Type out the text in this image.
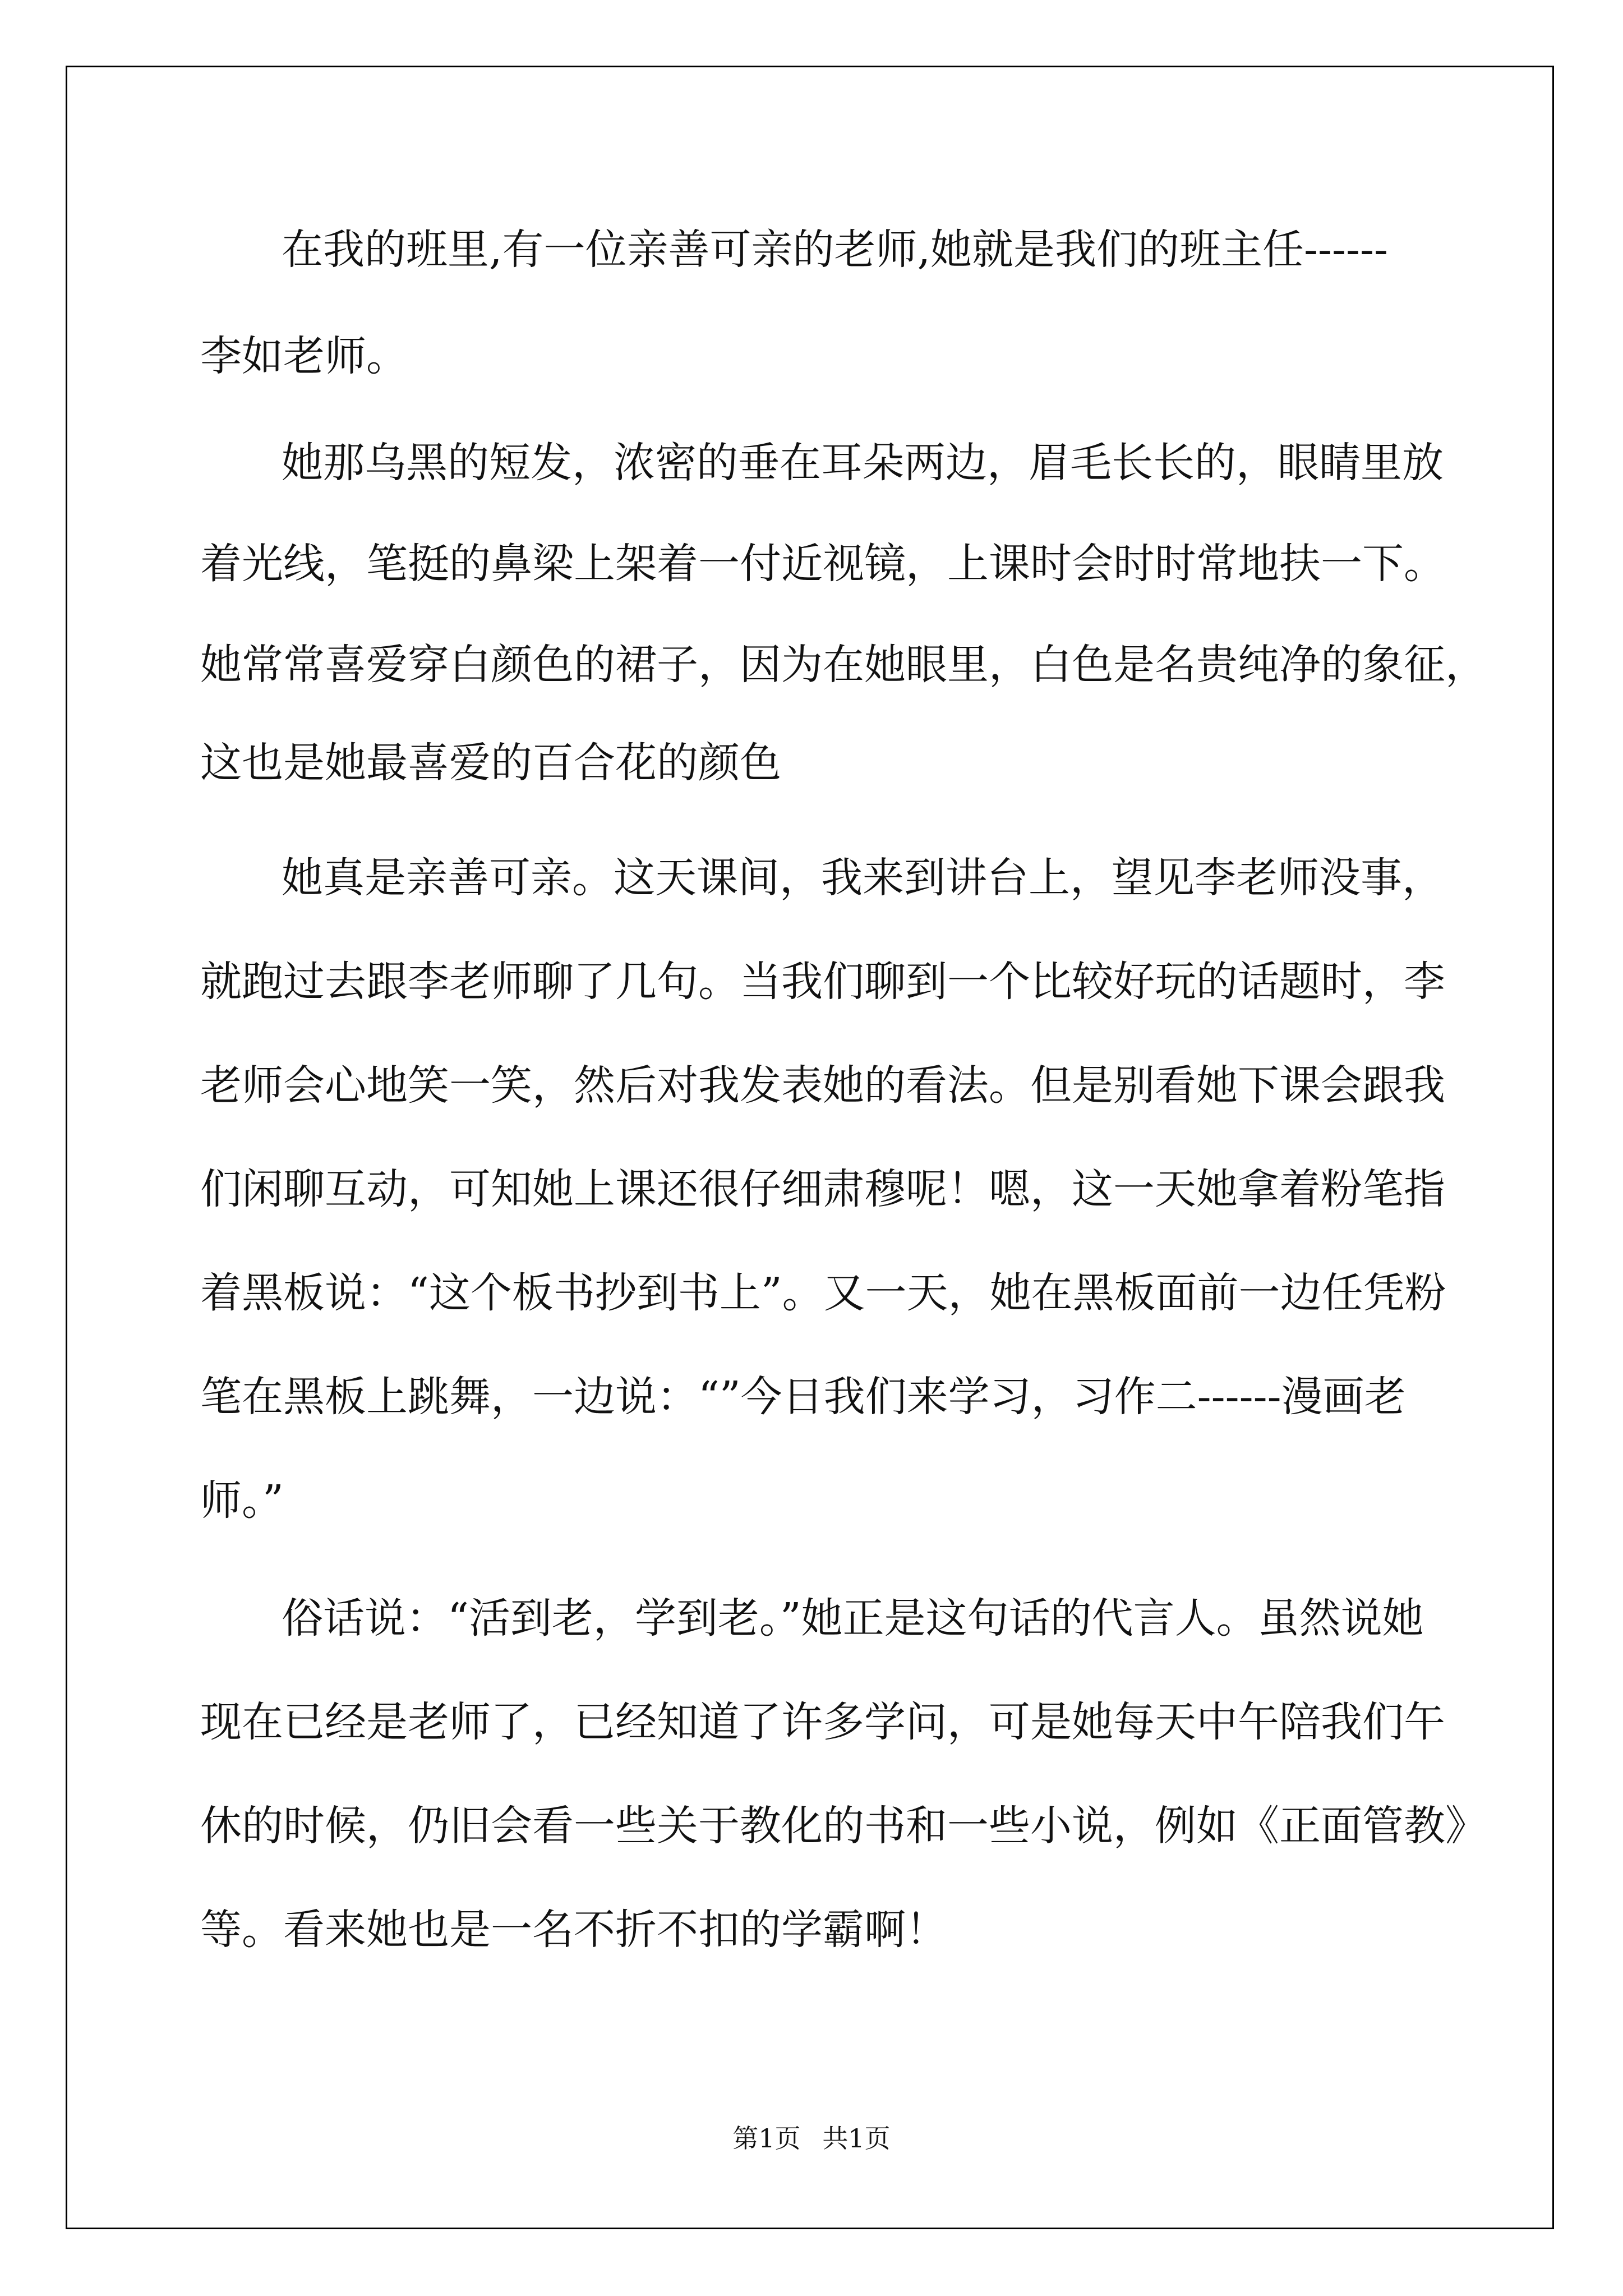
在我的班里,有一位亲善可亲的老师,她就是我们的班主任------

李如老师。

她那乌黑的短发，浓密的垂在耳朵两边，眉毛长长的，眼睛里放

着光线，笔挺的鼻梁上架着一付近视镜，上课时会时时常地扶一下。

她常常喜爱穿白颜色的裙子，因为在她眼里，白色是名贵纯净的象征，

这也是她最喜爱的百合花的颜色

她真是亲善可亲。这天课间，我来到讲台上，望见李老师没事，

就跑过去跟李老师聊了几句。当我们聊到一个比较好玩的话题时，李

老师会心地笑一笑，然后对我发表她的看法。但是别看她下课会跟我

们闲聊互动，可知她上课还很仔细肃穆呢！嗯，这一天她拿着粉笔指

着黑板说：“这个板书抄到书上”。又一天，她在黑板面前一边任凭粉

笔在黑板上跳舞，一边说：“”今日我们来学习，习作二------漫画老

师。”

俗话说：“活到老，学到老。”她正是这句话的代言人。虽然说她

现在已经是老师了，已经知道了许多学问，可是她每天中午陪我们午

休的时候，仍旧会看一些关于教化的书和一些小说，例如《正面管教》

等。看来她也是一名不折不扣的学霸啊！

第1页 共1页
